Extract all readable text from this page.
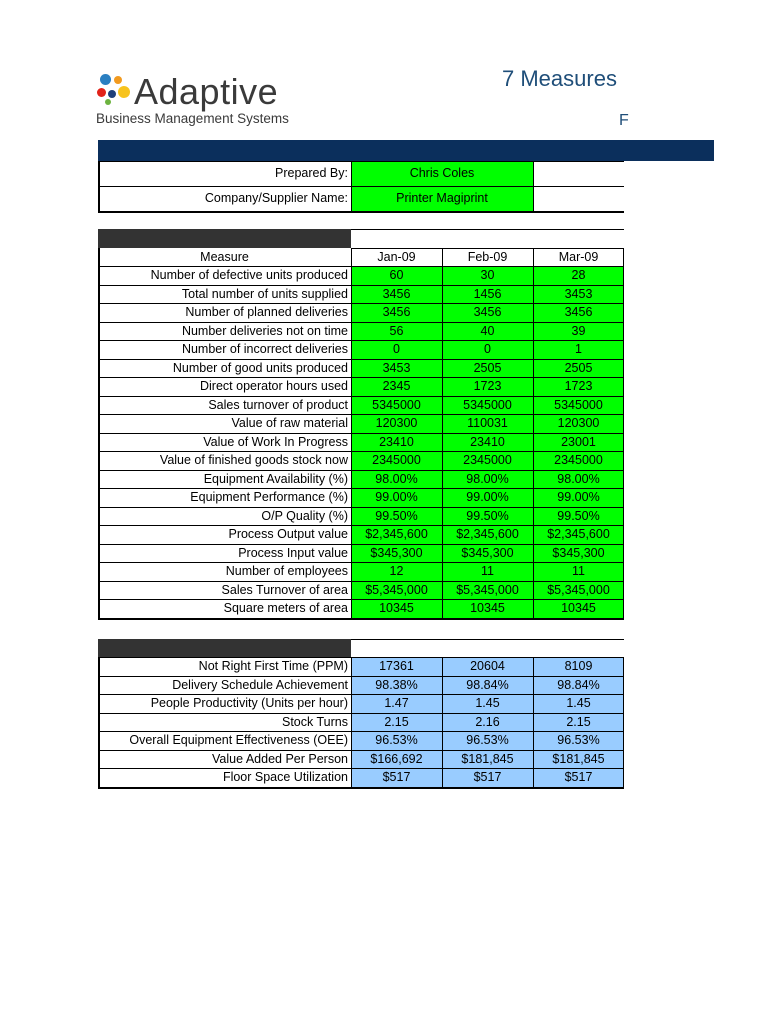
Adaptive
Business Management Systems
7 Measures
F
Prepared By:	Chris Coles
Company/Supplier Name:	Printer Magiprint
Measure	Jan-09	Feb-09	Mar-09
Number of defective units produced	60	30	28
Total number of units supplied	3456	1456	3453
Number of planned deliveries	3456	3456	3456
Number deliveries not on time	56	40	39
Number of incorrect deliveries	0	0	1
Number of good units produced	3453	2505	2505
Direct operator hours used	2345	1723	1723
Sales turnover of product	5345000	5345000	5345000
Value of raw material	120300	110031	120300
Value of Work In Progress	23410	23410	23001
Value of finished goods stock now	2345000	2345000	2345000
Equipment Availability (%)	98.00%	98.00%	98.00%
Equipment Performance (%)	99.00%	99.00%	99.00%
O/P Quality (%)	99.50%	99.50%	99.50%
Process Output value	$2,345,600	$2,345,600	$2,345,600
Process Input value	$345,300	$345,300	$345,300
Number of employees	12	11	11
Sales Turnover of area	$5,345,000	$5,345,000	$5,345,000
Square meters of area	10345	10345	10345
Not Right First Time (PPM)	17361	20604	8109
Delivery Schedule Achievement	98.38%	98.84%	98.84%
People Productivity (Units per hour)	1.47	1.45	1.45
Stock Turns	2.15	2.16	2.15
Overall Equipment Effectiveness (OEE)	96.53%	96.53%	96.53%
Value Added Per Person	$166,692	$181,845	$181,845
Floor Space Utilization	$517	$517	$517
